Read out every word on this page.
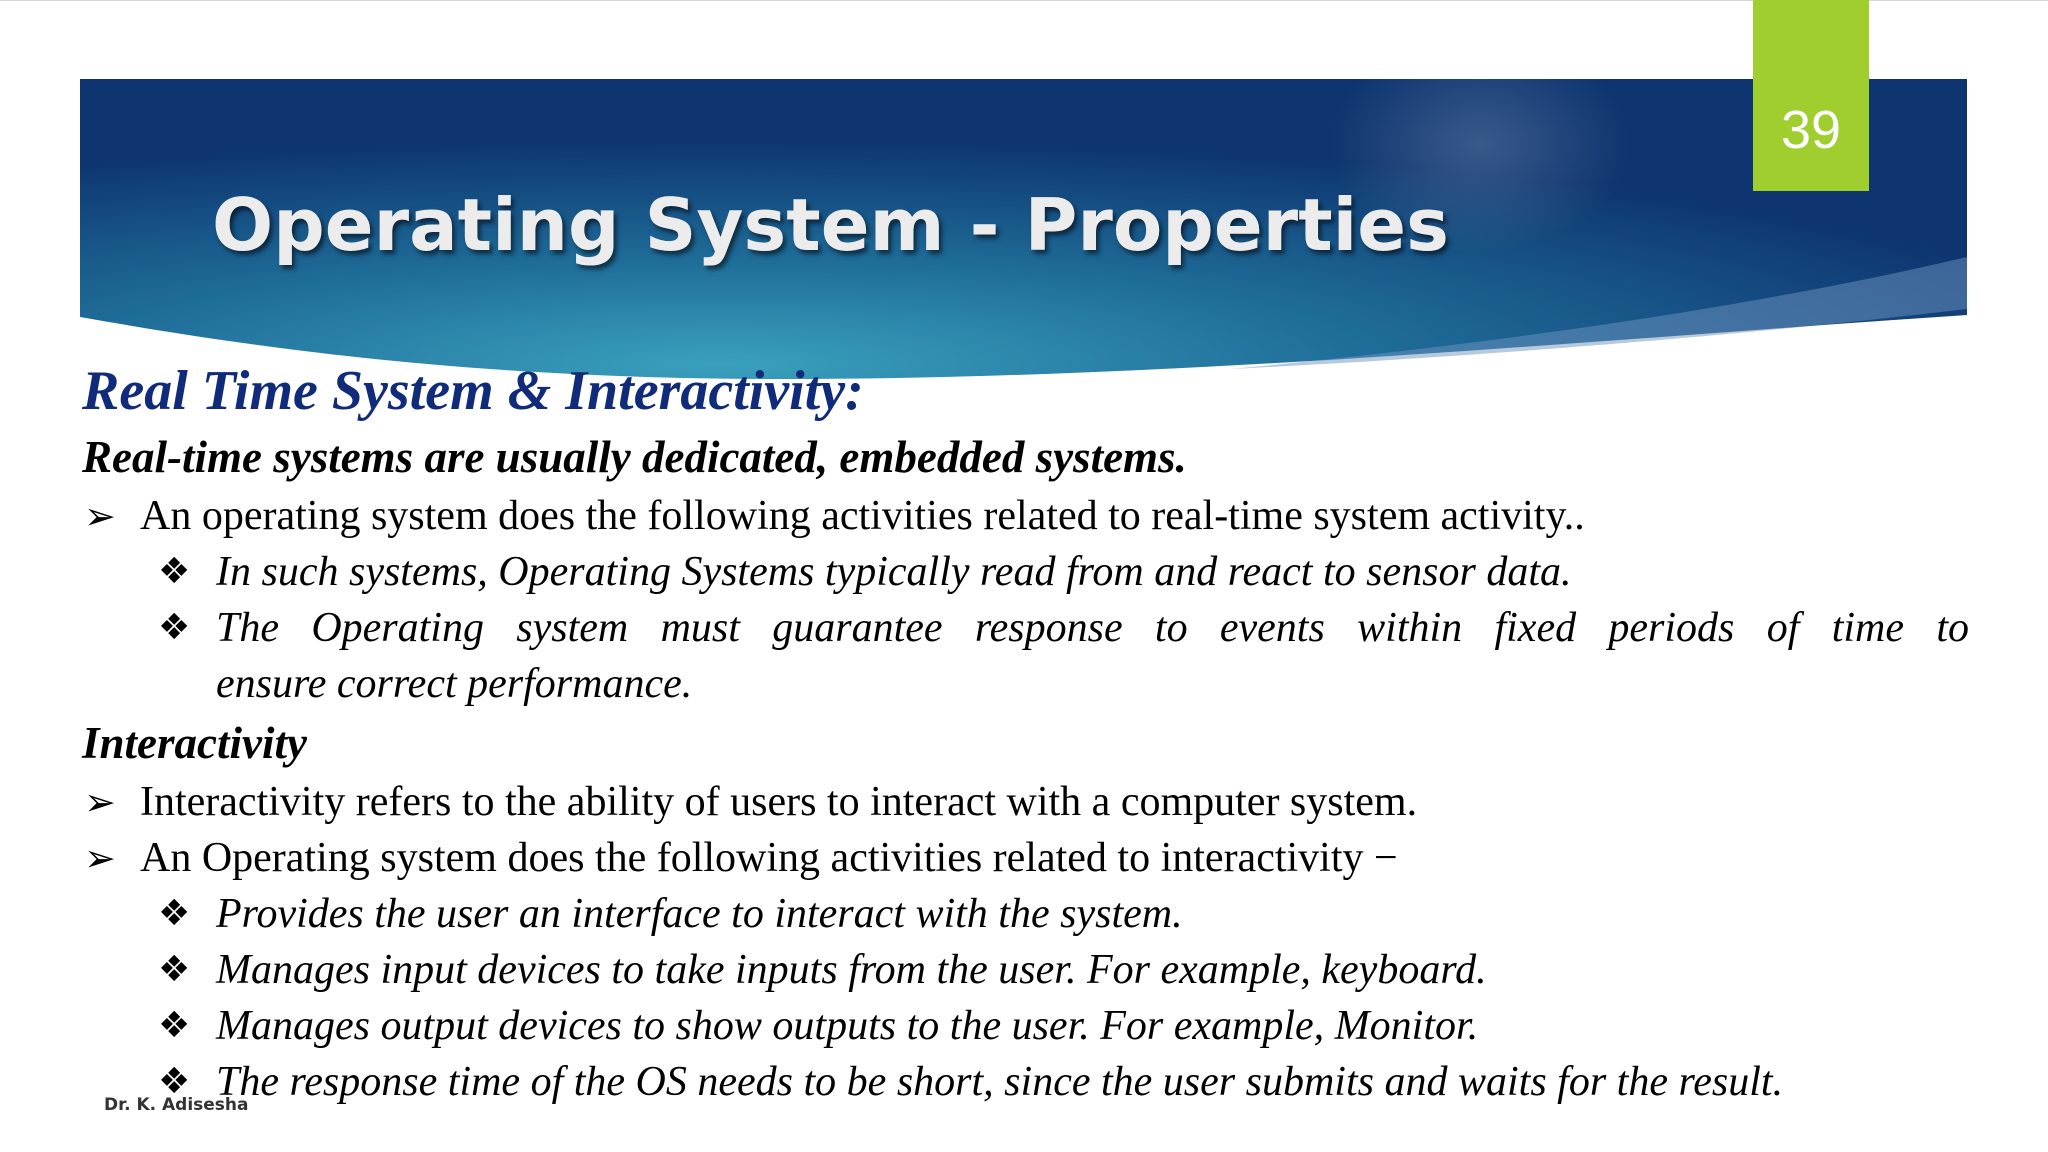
39
Operating System - Properties
Real Time System & Interactivity:
Real-time systems are usually dedicated, embedded systems.
➢ An operating system does the following activities related to real-time system activity..
❖ In such systems, Operating Systems typically read from and react to sensor data.
❖ The Operating system must guarantee response to events within fixed periods of time to
ensure correct performance.
Interactivity
➢ Interactivity refers to the ability of users to interact with a computer system.
➢ An Operating system does the following activities related to interactivity −
❖ Provides the user an interface to interact with the system.
❖ Manages input devices to take inputs from the user. For example, keyboard.
❖ Manages output devices to show outputs to the user. For example, Monitor.
❖ The response time of the OS needs to be short, since the user submits and waits for the result.
Dr. K. Adisesha
